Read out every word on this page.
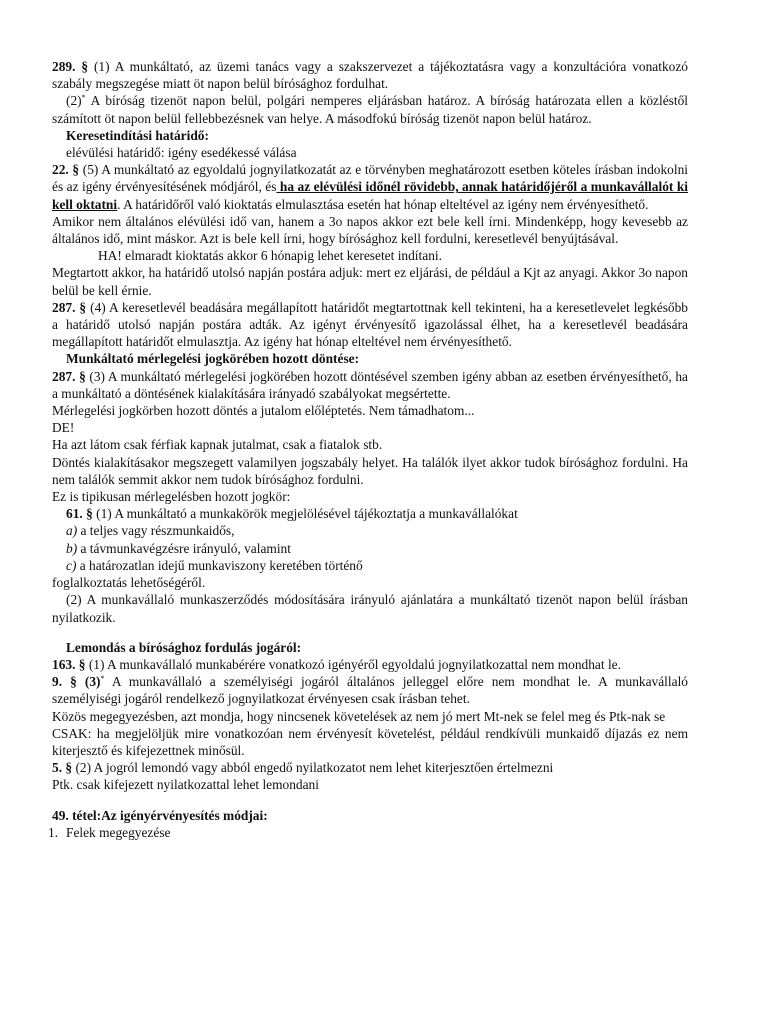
289. § (1) A munkáltató, az üzemi tanács vagy a szakszervezet a tájékoztatásra vagy a konzultációra vonatkozó szabály megszegése miatt öt napon belül bírósághoz fordulhat.

(2)* A bíróság tizenöt napon belül, polgári nemperes eljárásban határoz. A bíróság határozata ellen a közléstől számított öt napon belül fellebbezésnek van helye. A másodfokú bíróság tizenöt napon belül határoz.

Keresetindítási határidő:

elévülési határidő: igény esedékessé válása

22. § (5) A munkáltató az egyoldalú jognyilatkozatát az e törvényben meghatározott esetben köteles írásban indokolni és az igény érvényesítésének módjáról, és ha az elévülési időnél rövidebb, annak határidőjéről a munkavállalót ki kell oktatni. A határidőről való kioktatás elmulasztása esetén hat hónap elteltével az igény nem érvényesíthető.

Amikor nem általános elévülési idő van, hanem a 3o napos akkor ezt bele kell írni. Mindenképp, hogy kevesebb az általános idő, mint máskor. Azt is bele kell írni, hogy bírósághoz kell fordulni, keresetlevél benyújtásával.

HA! elmaradt kioktatás akkor 6 hónapig lehet keresetet indítani.

Megtartott akkor, ha határidő utolsó napján postára adjuk: mert ez eljárási, de például a Kjt az anyagi. Akkor 3o napon belül be kell érnie.

287. § (4) A keresetlevél beadására megállapított határidőt megtartottnak kell tekinteni, ha a keresetlevelet legkésőbb a határidő utolsó napján postára adták. Az igényt érvényesítő igazolással élhet, ha a keresetlevél beadására megállapított határidőt elmulasztja. Az igény hat hónap elteltével nem érvényesíthető.

Munkáltató mérlegelési jogkörében hozott döntése:

287. § (3) A munkáltató mérlegelési jogkörében hozott döntésével szemben igény abban az esetben érvényesíthető, ha a munkáltató a döntésének kialakítására irányadó szabályokat megsértette.

Mérlegelési jogkörben hozott döntés a jutalom előléptetés. Nem támadhatom...

DE!

Ha azt látom csak férfiak kapnak jutalmat, csak a fiatalok stb.

Döntés kialakításakor megszegett valamilyen jogszabály helyet. Ha találók ilyet akkor tudok bírósághoz fordulni. Ha nem találók semmit akkor nem tudok bírósághoz fordulni.

Ez is tipikusan mérlegelésben hozott jogkör:

61. § (1) A munkáltató a munkakörök megjelölésével tájékoztatja a munkavállalókat

a) a teljes vagy részmunkaidős,

b) a távmunkavégzésre irányuló, valamint

c) a határozatlan idejű munkaviszony keretében történő

foglalkoztatás lehetőségéről.

(2) A munkavállaló munkaszerződés módosítására irányuló ajánlatára a munkáltató tizenöt napon belül írásban nyilatkozik.

Lemondás a bírósághoz fordulás jogáról:

163. § (1) A munkavállaló munkabérére vonatkozó igényéről egyoldalú jognyilatkozattal nem mondhat le.

9. § (3)* A munkavállaló a személyiségi jogáról általános jelleggel előre nem mondhat le. A munkavállaló személyiségi jogáról rendelkező jognyilatkozat érvényesen csak írásban tehet.

Közös megegyezésben, azt mondja, hogy nincsenek követelések az nem jó mert Mt-nek se felel meg és Ptk-nak se

CSAK: ha megjelöljük mire vonatkozóan nem érvényesít követelést, például rendkívüli munkaidő díjazás ez nem kiterjesztő és kifejezettnek minősül.

5. § (2) A jogról lemondó vagy abból engedő nyilatkozatot nem lehet kiterjesztően értelmezni

Ptk. csak kifejezett nyilatkozattal lehet lemondani

49. tétel:Az igényérvényesítés módjai:

1. Felek megegyezése
